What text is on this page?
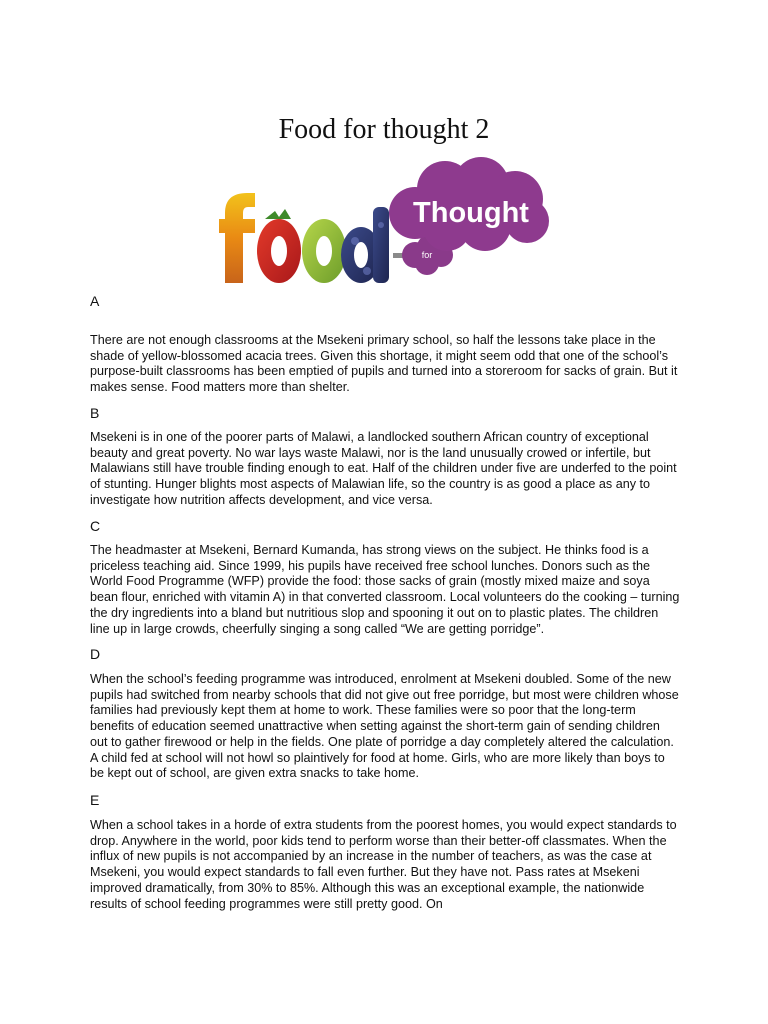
Food for thought 2
for
Thought
A

There are not enough classrooms at the Msekeni primary school, so half the lessons take place in the shade of yellow-blossomed acacia trees. Given this shortage, it might seem odd that one of the school’s purpose-built classrooms has been emptied of pupils and turned into a storeroom for sacks of grain. But it makes sense. Food matters more than shelter.

B

Msekeni is in one of the poorer parts of Malawi, a landlocked southern African country of exceptional beauty and great poverty. No war lays waste Malawi, nor is the land unusually crowed or infertile, but Malawians still have trouble finding enough to eat. Half of the children under five are underfed to the point of stunting. Hunger blights most aspects of Malawian life, so the country is as good a place as any to investigate how nutrition affects development, and vice versa.

C

The headmaster at Msekeni, Bernard Kumanda, has strong views on the subject. He thinks food is a priceless teaching aid. Since 1999, his pupils have received free school lunches. Donors such as the World Food Programme (WFP) provide the food: those sacks of grain (mostly mixed maize and soya bean flour, enriched with vitamin A) in that converted classroom. Local volunteers do the cooking – turning the dry ingredients into a bland but nutritious slop and spooning it out on to plastic plates. The children line up in large crowds, cheerfully singing a song called “We are getting porridge”.

D

When the school’s feeding programme was introduced, enrolment at Msekeni doubled. Some of the new pupils had switched from nearby schools that did not give out free porridge, but most were children whose families had previously kept them at home to work. These families were so poor that the long-term benefits of education seemed unattractive when setting against the short-term gain of sending children out to gather firewood or help in the fields. One plate of porridge a day completely altered the calculation. A child fed at school will not howl so plaintively for food at home. Girls, who are more likely than boys to be kept out of school, are given extra snacks to take home.

E

When a school takes in a horde of extra students from the poorest homes, you would expect standards to drop. Anywhere in the world, poor kids tend to perform worse than their better-off classmates. When the influx of new pupils is not accompanied by an increase in the number of teachers, as was the case at Msekeni, you would expect standards to fall even further. But they have not. Pass rates at Msekeni improved dramatically, from 30% to 85%. Although this was an exceptional example, the nationwide results of school feeding programmes were still pretty good. On
